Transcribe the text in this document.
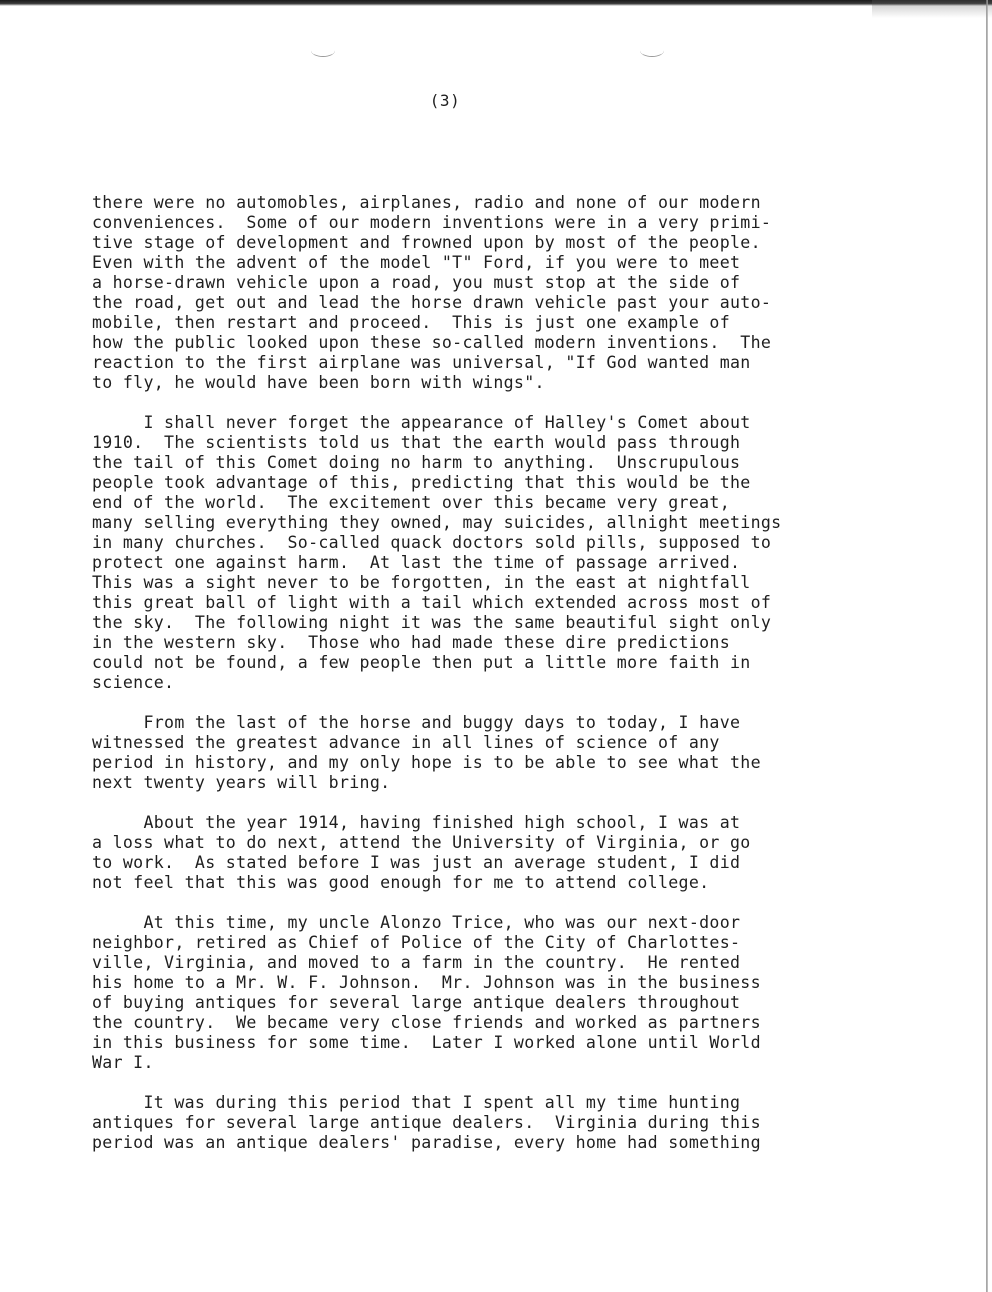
(3)
there were no automobles, airplanes, radio and none of our modern
conveniences.  Some of our modern inventions were in a very primi-
tive stage of development and frowned upon by most of the people.
Even with the advent of the model "T" Ford, if you were to meet
a horse-drawn vehicle upon a road, you must stop at the side of
the road, get out and lead the horse drawn vehicle past your auto-
mobile, then restart and proceed.  This is just one example of
how the public looked upon these so-called modern inventions.  The
reaction to the first airplane was universal, "If God wanted man
to fly, he would have been born with wings".
I shall never forget the appearance of Halley's Comet about
1910.  The scientists told us that the earth would pass through
the tail of this Comet doing no harm to anything.  Unscrupulous
people took advantage of this, predicting that this would be the
end of the world.  The excitement over this became very great,
many selling everything they owned, may suicides, allnight meetings
in many churches.  So-called quack doctors sold pills, supposed to
protect one against harm.  At last the time of passage arrived.
This was a sight never to be forgotten, in the east at nightfall
this great ball of light with a tail which extended across most of
the sky.  The following night it was the same beautiful sight only
in the western sky.  Those who had made these dire predictions
could not be found, a few people then put a little more faith in
science.
From the last of the horse and buggy days to today, I have
witnessed the greatest advance in all lines of science of any
period in history, and my only hope is to be able to see what the
next twenty years will bring.
About the year 1914, having finished high school, I was at
a loss what to do next, attend the University of Virginia, or go
to work.  As stated before I was just an average student, I did
not feel that this was good enough for me to attend college.
At this time, my uncle Alonzo Trice, who was our next-door
neighbor, retired as Chief of Police of the City of Charlottes-
ville, Virginia, and moved to a farm in the country.  He rented
his home to a Mr. W. F. Johnson.  Mr. Johnson was in the business
of buying antiques for several large antique dealers throughout
the country.  We became very close friends and worked as partners
in this business for some time.  Later I worked alone until World
War I.
It was during this period that I spent all my time hunting
antiques for several large antique dealers.  Virginia during this
period was an antique dealers' paradise, every home had something
